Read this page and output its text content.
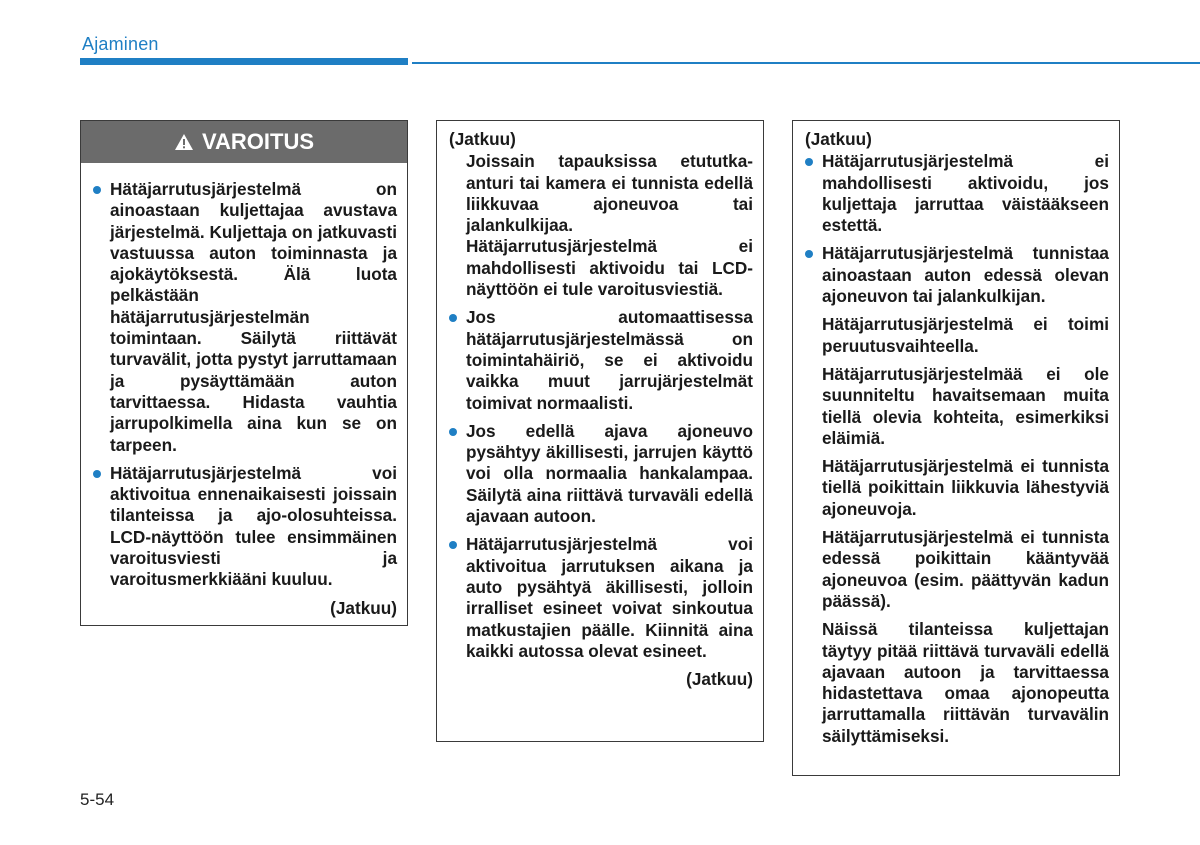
Ajaminen
VAROITUS
Hätäjarrutusjärjestelmä on ainoastaan kuljettajaa avustava järjestelmä. Kuljettaja on jatkuvasti vastuussa auton toiminnasta ja ajokäytöksestä. Älä luota pelkästään hätäjarrutusjärjestelmän toimintaan. Säilytä riittävät turvavälit, jotta pystyt jarruttamaan ja pysäyttämään auton tarvittaessa. Hidasta vauhtia jarrupolkimella aina kun se on tarpeen.
Hätäjarrutusjärjestelmä voi aktivoitua ennenaikaisesti joissain tilanteissa ja ajo-olosuhteissa. LCD-näyttöön tulee ensimmäinen varoitusviesti ja varoitusmerkkiääni kuuluu.
(Jatkuu)
(Jatkuu)
Joissain tapauksissa etututka-anturi tai kamera ei tunnista edellä liikkuvaa ajoneuvoa tai jalankulkijaa. Hätäjarrutusjärjestelmä ei mahdollisesti aktivoidu tai LCD-näyttöön ei tule varoitusviestiä.
Jos automaattisessa hätäjarrutusjärjestelmässä on toimintahäiriö, se ei aktivoidu vaikka muut jarrujärjestelmät toimivat normaalisti.
Jos edellä ajava ajoneuvo pysähtyy äkillisesti, jarrujen käyttö voi olla normaalia hankalampaa. Säilytä aina riittävä turvaväli edellä ajavaan autoon.
Hätäjarrutusjärjestelmä voi aktivoitua jarrutuksen aikana ja auto pysähtyä äkillisesti, jolloin irralliset esineet voivat sinkoutua matkustajien päälle. Kiinnitä aina kaikki autossa olevat esineet.
(Jatkuu)
(Jatkuu)
Hätäjarrutusjärjestelmä ei mahdollisesti aktivoidu, jos kuljettaja jarruttaa väistääkseen estettä.
Hätäjarrutusjärjestelmä tunnistaa ainoastaan auton edessä olevan ajoneuvon tai jalankulkijan.
Hätäjarrutusjärjestelmä ei toimi peruutusvaihteella.
Hätäjarrutusjärjestelmää ei ole suunniteltu havaitsemaan muita tiellä olevia kohteita, esimerkiksi eläimiä.
Hätäjarrutusjärjestelmä ei tunnista tiellä poikittain liikkuvia lähestyviä ajoneuvoja.
Hätäjarrutusjärjestelmä ei tunnista edessä poikittain kääntyvää ajoneuvoa (esim. päättyvän kadun päässä).
Näissä tilanteissa kuljettajan täytyy pitää riittävä turvaväli edellä ajavaan autoon ja tarvittaessa hidastettava omaa ajonopeutta jarruttamalla riittävän turvavälin säilyttämiseksi.
5-54
